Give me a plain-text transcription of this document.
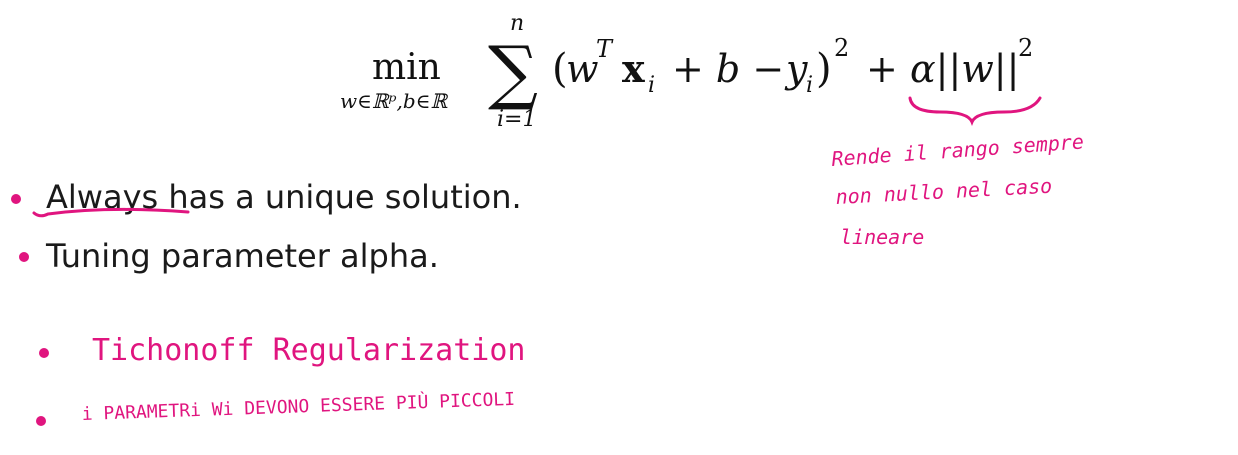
min
w∈ℝᵖ,b∈ℝ
n
∑
i=1
(
w
T x i + b − y
i ) 2 + α||w||
2
Always has a unique solution.
Tuning parameter alpha.
Rende il rango sempre
non nullo nel caso
lineare
Tichonoff Regularization
i PARAMETRi Wi DEVONO ESSERE PIÙ PICCOLI
